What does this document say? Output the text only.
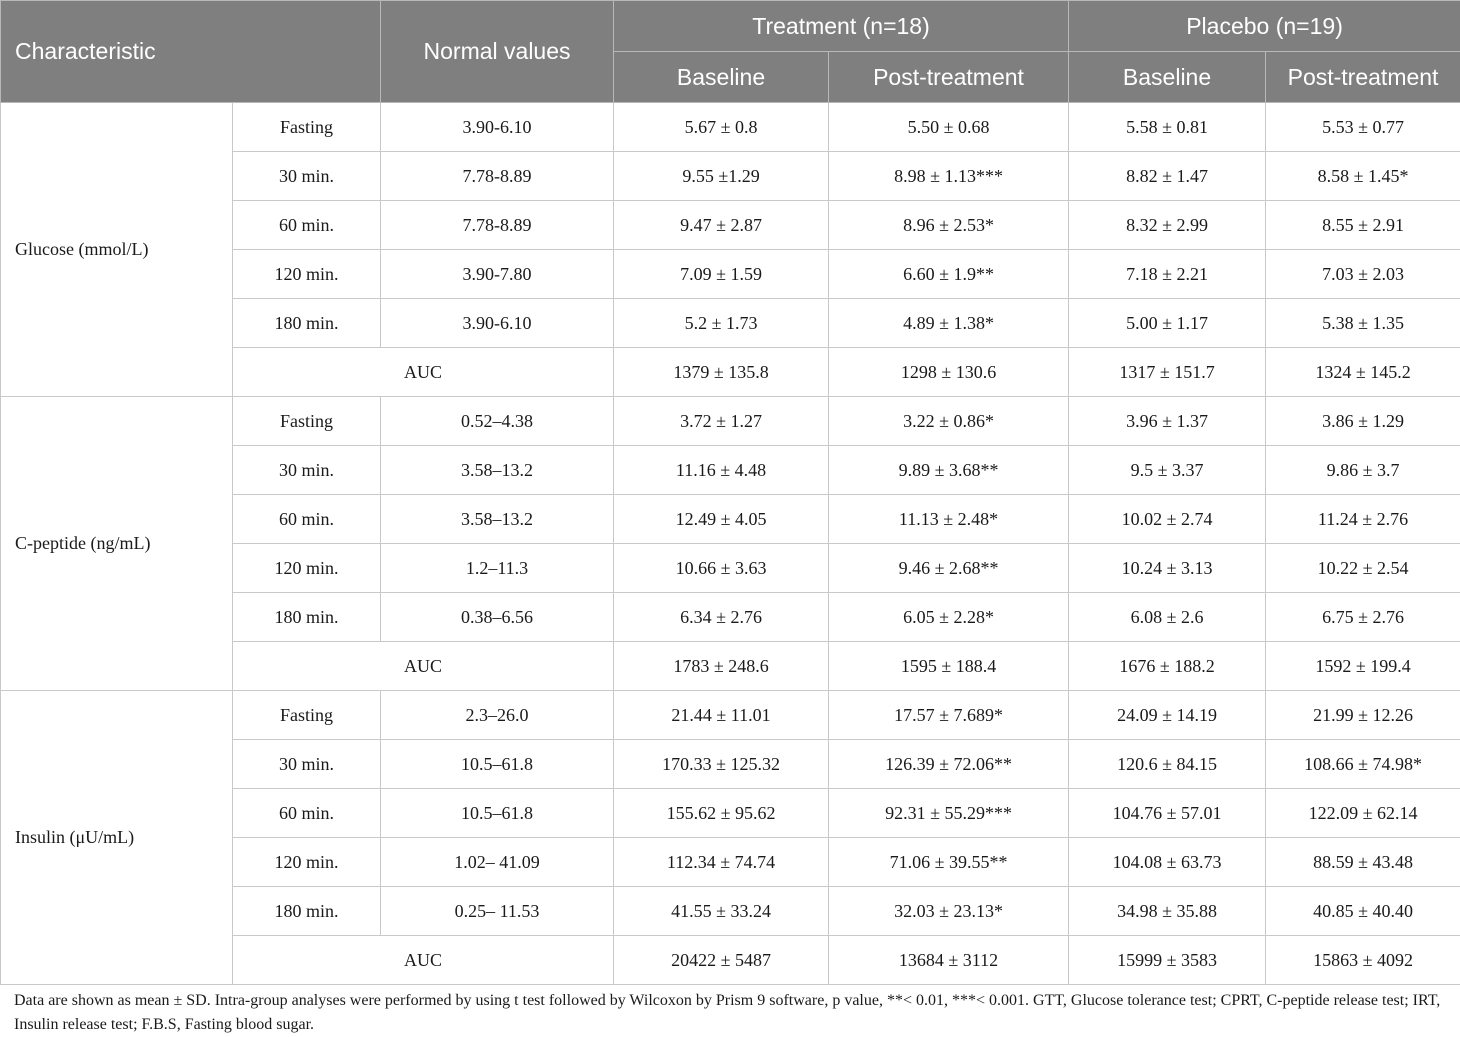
Characteristic		Normal values	Treatment (n=18)		Placebo (n=19)	
			Baseline	Post-treatment	Baseline	Post-treatment
Glucose (mmol/L)	Fasting	3.90-6.10	5.67 ± 0.8	5.50 ± 0.68	5.58 ± 0.81	5.53 ± 0.77
	30 min.	7.78-8.89	9.55 ±1.29	8.98 ± 1.13***	8.82 ± 1.47	8.58 ± 1.45*
	60 min.	7.78-8.89	9.47 ± 2.87	8.96 ± 2.53*	8.32 ± 2.99	8.55 ± 2.91
	120 min.	3.90-7.80	7.09 ± 1.59	6.60 ± 1.9**	7.18 ± 2.21	7.03 ± 2.03
	180 min.	3.90-6.10	5.2 ± 1.73	4.89 ± 1.38*	5.00 ± 1.17	5.38 ± 1.35
	AUC		1379 ± 135.8	1298 ± 130.6	1317 ± 151.7	1324 ± 145.2
C-peptide (ng/mL)	Fasting	0.52–4.38	3.72 ± 1.27	3.22 ± 0.86*	3.96 ± 1.37	3.86 ± 1.29
	30 min.	3.58–13.2	11.16 ± 4.48	9.89 ± 3.68**	9.5 ± 3.37	9.86 ± 3.7
	60 min.	3.58–13.2	12.49 ± 4.05	11.13 ± 2.48*	10.02 ± 2.74	11.24 ± 2.76
	120 min.	1.2–11.3	10.66 ± 3.63	9.46 ± 2.68**	10.24 ± 3.13	10.22 ± 2.54
	180 min.	0.38–6.56	6.34 ± 2.76	6.05 ± 2.28*	6.08 ± 2.6	6.75 ± 2.76
	AUC		1783 ± 248.6	1595 ± 188.4	1676 ± 188.2	1592 ± 199.4
Insulin (μU/mL)	Fasting	2.3–26.0	21.44 ± 11.01	17.57 ± 7.689*	24.09 ± 14.19	21.99 ± 12.26
	30 min.	10.5–61.8	170.33 ± 125.32	126.39 ± 72.06**	120.6 ± 84.15	108.66 ± 74.98*
	60 min.	10.5–61.8	155.62 ± 95.62	92.31 ± 55.29***	104.76 ± 57.01	122.09 ± 62.14
	120 min.	1.02– 41.09	112.34 ± 74.74	71.06 ± 39.55**	104.08 ± 63.73	88.59 ± 43.48
	180 min.	0.25– 11.53	41.55 ± 33.24	32.03 ± 23.13*	34.98 ± 35.88	40.85 ± 40.40
	AUC		20422 ± 5487	13684 ± 3112	15999 ± 3583	15863 ± 4092

Data are shown as mean ± SD. Intra-group analyses were performed by using t test followed by Wilcoxon by Prism 9 software, p value, **< 0.01, ***< 0.001. GTT, Glucose tolerance test; CPRT, C-peptide release test; IRT, Insulin release test; F.B.S, Fasting blood sugar.
